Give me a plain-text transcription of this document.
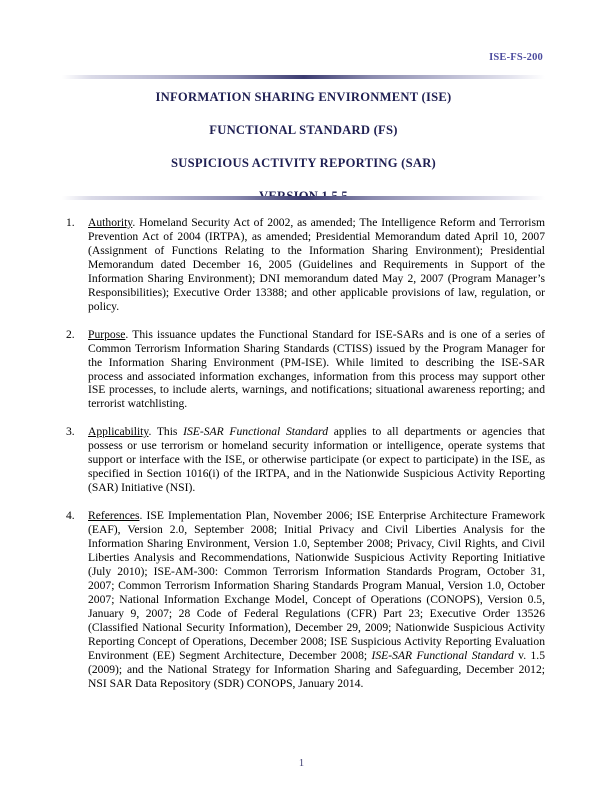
ISE-FS-200
INFORMATION SHARING ENVIRONMENT (ISE)
FUNCTIONAL STANDARD (FS)
SUSPICIOUS ACTIVITY REPORTING (SAR)
1.	Authority. Homeland Security Act of 2002, as amended; The Intelligence Reform and Terrorism Prevention Act of 2004 (IRTPA), as amended; Presidential Memorandum dated April 10, 2007 (Assignment of Functions Relating to the Information Sharing Environment); Presidential Memorandum dated December 16, 2005 (Guidelines and Requirements in Support of the Information Sharing Environment); DNI memorandum dated May 2, 2007 (Program Manager’s Responsibilities); Executive Order 13388; and other applicable provisions of law, regulation, or policy.
2.	Purpose. This issuance updates the Functional Standard for ISE-SARs and is one of a series of Common Terrorism Information Sharing Standards (CTISS) issued by the Program Manager for the Information Sharing Environment (PM-ISE). While limited to describing the ISE-SAR process and associated information exchanges, information from this process may support other ISE processes, to include alerts, warnings, and notifications; situational awareness reporting; and terrorist watchlisting.
3.	Applicability. This ISE-SAR Functional Standard applies to all departments or agencies that possess or use terrorism or homeland security information or intelligence, operate systems that support or interface with the ISE, or otherwise participate (or expect to participate) in the ISE, as specified in Section 1016(i) of the IRTPA, and in the Nationwide Suspicious Activity Reporting (SAR) Initiative (NSI).
4.	References. ISE Implementation Plan, November 2006; ISE Enterprise Architecture Framework (EAF), Version 2.0, September 2008; Initial Privacy and Civil Liberties Analysis for the Information Sharing Environment, Version 1.0, September 2008; Privacy, Civil Rights, and Civil Liberties Analysis and Recommendations, Nationwide Suspicious Activity Reporting Initiative (July 2010); ISE-AM-300: Common Terrorism Information Standards Program, October 31, 2007; Common Terrorism Information Sharing Standards Program Manual, Version 1.0, October 2007; National Information Exchange Model, Concept of Operations (CONOPS), Version 0.5, January 9, 2007; 28 Code of Federal Regulations (CFR) Part 23; Executive Order 13526 (Classified National Security Information), December 29, 2009; Nationwide Suspicious Activity Reporting Concept of Operations, December 2008; ISE Suspicious Activity Reporting Evaluation Environment (EE) Segment Architecture, December 2008; ISE-SAR Functional Standard v. 1.5 (2009); and the National Strategy for Information Sharing and Safeguarding, December 2012; NSI SAR Data Repository (SDR) CONOPS, January 2014.
1
